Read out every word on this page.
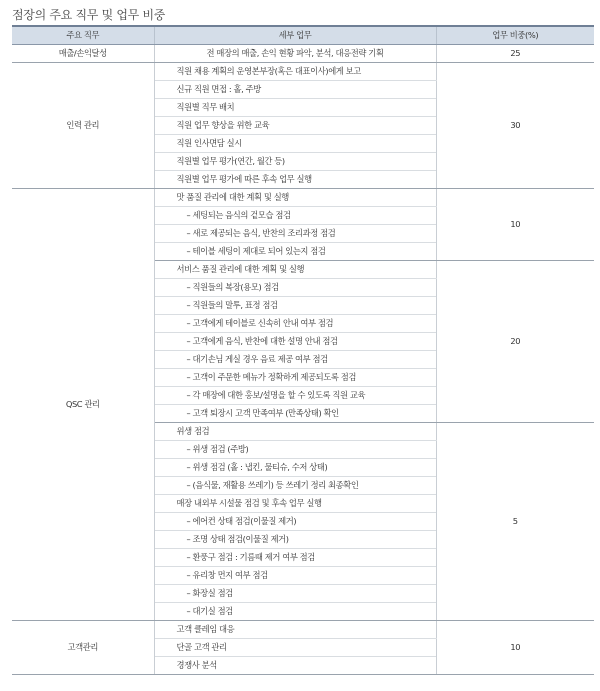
점장의 주요 직무 및 업무 비중
주요 직무	세부 업무	업무 비중(%)
매출/손익달성	전 매장의 매출, 손익 현황 파악, 분석, 대응전략 기획	25
인력 관리	직원 채용 계획의 운영본부장(혹은 대표이사)에게 보고	30
	신규 직원 면접 : 홀, 주방	
	직원별 직무 배치	
	직원 업무 향상을 위한 교육	
	직원 인사면담 실시	
	직원별 업무 평가(연간, 월간 등)	
	직원별 업무 평가에 따른 후속 업무 실행	
QSC 관리	맛 품질 관리에 대한 계획 및 실행	10
	– 세팅되는 음식의 겉모습 점검	
	– 새로 제공되는 음식, 반찬의 조리과정 점검	
	– 테이블 세팅이 제대로 되어 있는지 점검	
	서비스 품질 관리에 대한 계획 및 실행	20
	– 직원들의 복장(용모) 점검	
	– 직원들의 말투, 표정 점검	
	– 고객에게 테이블로 신속히 안내 여부 점검	
	– 고객에게 음식, 반찬에 대한 설명 안내 점검	
	– 대기손님 게실 경우 음료 제공 여부 점검	
	– 고객이 주문한 메뉴가 정확하게 제공되도록 점검	
	– 각 매장에 대한 홍보/설명을 할 수 있도록 직원 교육	
	– 고객 퇴장시 고객 만족여부 (만족상태) 확인	
	위생 점검	5
	– 위생 점검 (주방)	
	– 위생 점검 (홀 : 냅킨, 물티슈, 수저 상태)	
	– (음식물, 재활용 쓰레기) 등 쓰레기 정리 최종확인	
	매장 내외부 시설물 점검 및 후속 업무 실행	
	– 에어컨 상태 점검(이물질 제거)	
	– 조명 상태 점검(이물질 제거)	
	– 환풍구 점검 : 기름때 제거 여부 점검	
	– 유리창 먼지 여부 점검	
	– 화장실 점검	
	– 대기실 점검	
고객관리	고객 클레임 대응	10
	단골 고객 관리	
	경쟁사 분석	
